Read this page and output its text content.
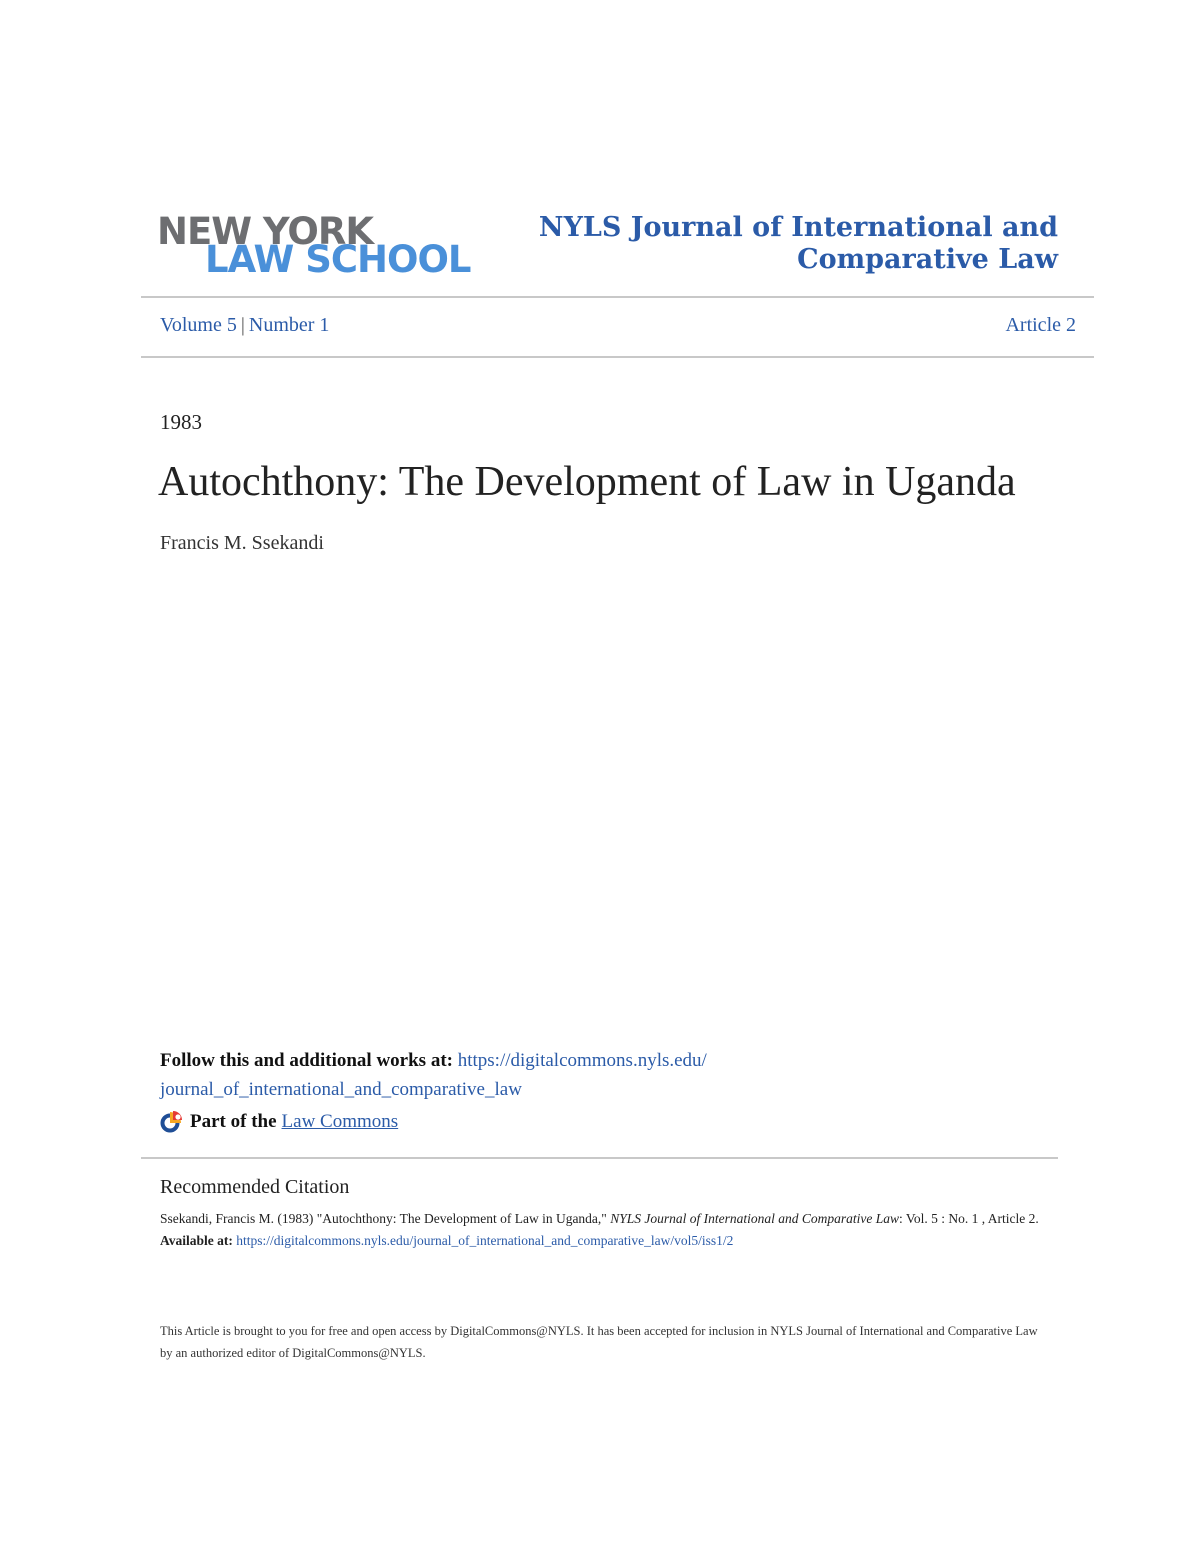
NEW YORK
LAW SCHOOL
NYLS Journal of International and Comparative Law
Volume 5 | Number 1	Article 2
1983
Autochthony: The Development of Law in Uganda
Francis M. Ssekandi
Follow this and additional works at: https://digitalcommons.nyls.edu/
journal_of_international_and_comparative_law
Part of the Law Commons
Recommended Citation
Ssekandi, Francis M. (1983) "Autochthony: The Development of Law in Uganda," NYLS Journal of International and Comparative Law: Vol. 5 : No. 1 , Article 2.
Available at: https://digitalcommons.nyls.edu/journal_of_international_and_comparative_law/vol5/iss1/2
This Article is brought to you for free and open access by DigitalCommons@NYLS. It has been accepted for inclusion in NYLS Journal of International and Comparative Law by an authorized editor of DigitalCommons@NYLS.
